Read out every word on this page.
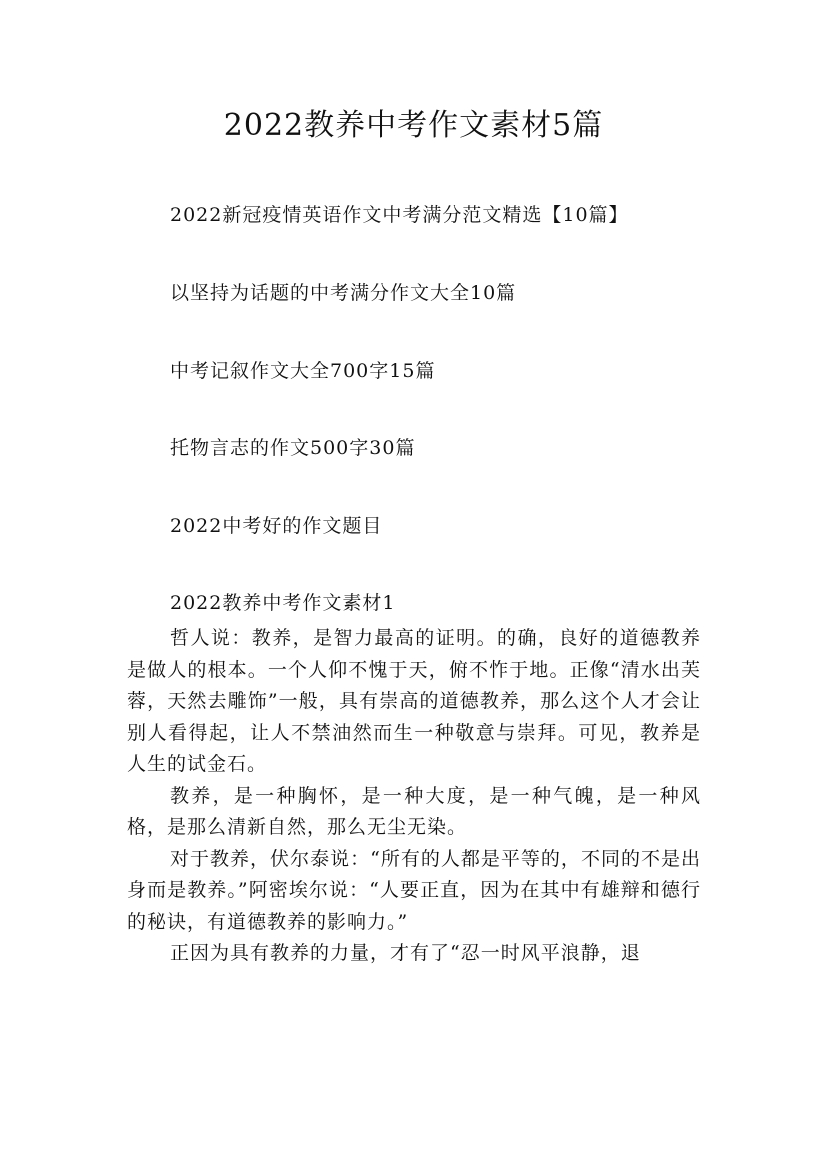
2022教养中考作文素材5篇
2022新冠疫情英语作文中考满分范文精选【10篇】
以坚持为话题的中考满分作文大全10篇
中考记叙作文大全700字15篇
托物言志的作文500字30篇
2022中考好的作文题目
2022教养中考作文素材1

哲人说：教养，是智力最高的证明。的确，良好的道德教养是做人的根本。一个人仰不愧于天，俯不怍于地。正像“清水出芙蓉，天然去雕饰”一般，具有崇高的道德教养，那么这个人才会让别人看得起，让人不禁油然而生一种敬意与崇拜。可见，教养是人生的试金石。

教养，是一种胸怀，是一种大度，是一种气魄，是一种风格，是那么清新自然，那么无尘无染。

对于教养，伏尔泰说：“所有的人都是平等的，不同的不是出身而是教养。”阿密埃尔说：“人要正直，因为在其中有雄辩和德行的秘诀，有道德教养的影响力。”

正因为具有教养的力量，才有了“忍一时风平浪静，退
